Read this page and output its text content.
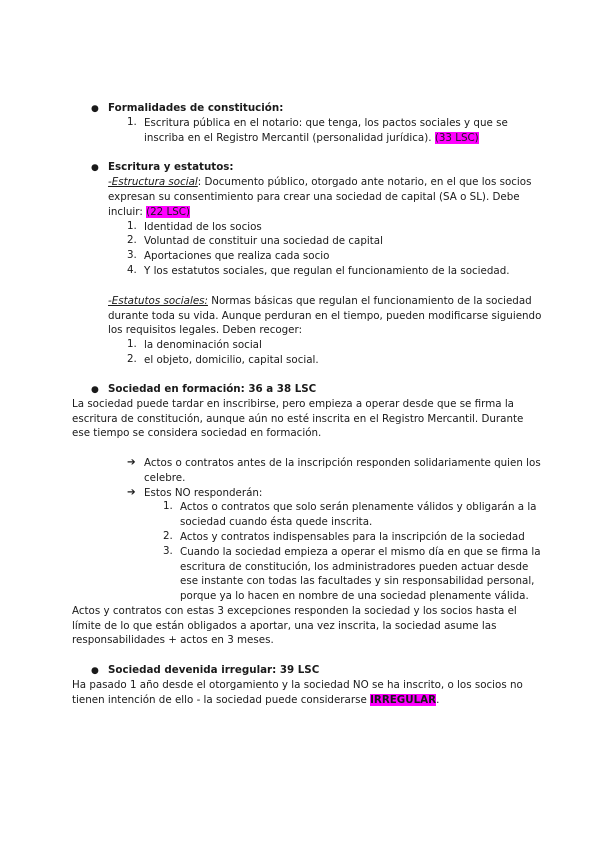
● Formalidades de constitución:
1. Escritura pública en el notario: que tenga, los pactos sociales y que se
inscriba en el Registro Mercantil (personalidad jurídica). (33 LSC)
● Escritura y estatutos:
-Estructura social: Documento público, otorgado ante notario, en el que los socios
expresan su consentimiento para crear una sociedad de capital (SA o SL). Debe
incluir: (22 LSC)
1. Identidad de los socios
2. Voluntad de constituir una sociedad de capital
3. Aportaciones que realiza cada socio
4. Y los estatutos sociales, que regulan el funcionamiento de la sociedad.
-Estatutos sociales: Normas básicas que regulan el funcionamiento de la sociedad
durante toda su vida. Aunque perduran en el tiempo, pueden modificarse siguiendo
los requisitos legales. Deben recoger:
1. la denominación social
2. el objeto, domicilio, capital social.
● Sociedad en formación: 36 a 38 LSC
La sociedad puede tardar en inscribirse, pero empieza a operar desde que se firma la
escritura de constitución, aunque aún no esté inscrita en el Registro Mercantil. Durante
ese tiempo se considera sociedad en formación.
➔ Actos o contratos antes de la inscripción responden solidariamente quien los
celebre.
➔ Estos NO responderán:
1. Actos o contratos que solo serán plenamente válidos y obligarán a la
sociedad cuando ésta quede inscrita.
2. Actos y contratos indispensables para la inscripción de la sociedad
3. Cuando la sociedad empieza a operar el mismo día en que se firma la
escritura de constitución, los administradores pueden actuar desde
ese instante con todas las facultades y sin responsabilidad personal,
porque ya lo hacen en nombre de una sociedad plenamente válida.
Actos y contratos con estas 3 excepciones responden la sociedad y los socios hasta el
límite de lo que están obligados a aportar, una vez inscrita, la sociedad asume las
responsabilidades + actos en 3 meses.
● Sociedad devenida irregular: 39 LSC
Ha pasado 1 año desde el otorgamiento y la sociedad NO se ha inscrito, o los socios no
tienen intención de ello - la sociedad puede considerarse IRREGULAR.
